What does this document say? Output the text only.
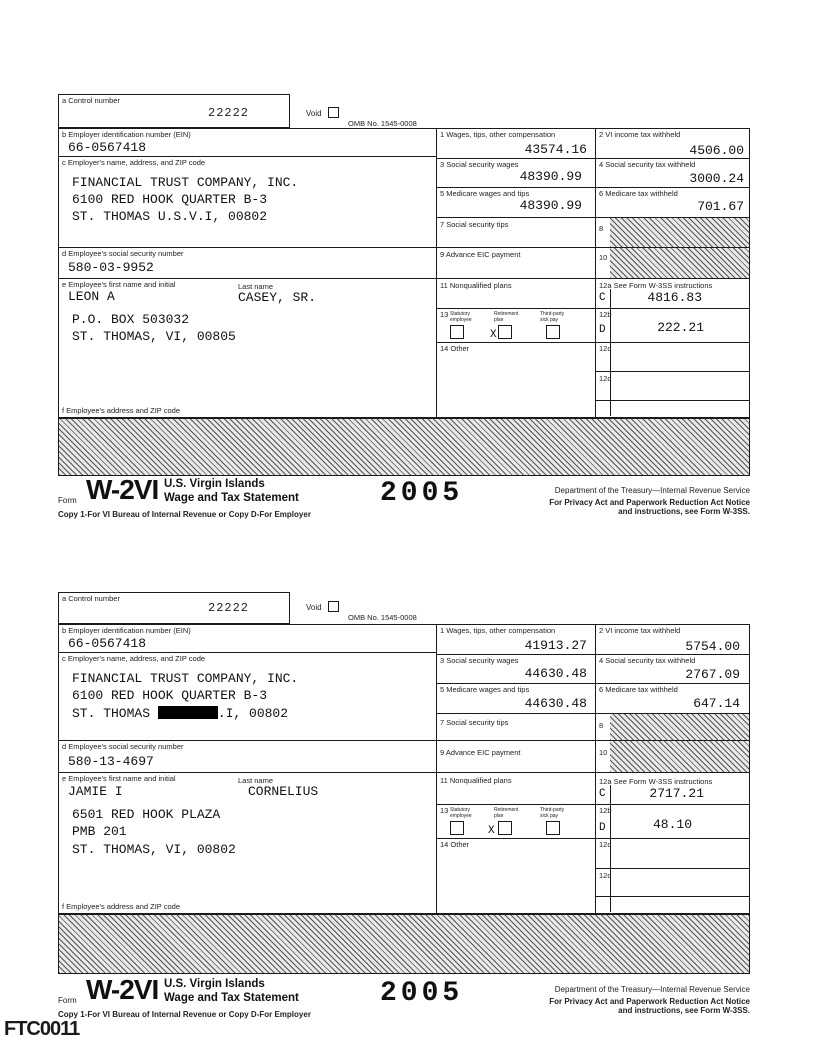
a Control number
22222	Void
OMB No. 1545-0008
b Employer identification number (EIN)
66-0567418
c Employer's name, address, and ZIP code
FINANCIAL TRUST COMPANY, INC.
6100 RED HOOK QUARTER B-3
ST. THOMAS U.S.V.I, 00802
d Employee's social security number
580-03-9952
e Employee's first name and initial	Last name
LEON A	CASEY, SR.
P.O. BOX 503032
ST. THOMAS, VI, 00805
f Employee's address and ZIP code
1 Wages, tips, other compensation
43574.16
3 Social security wages
48390.99
5 Medicare wages and tips
48390.99
7 Social security tips
9 Advance EIC payment
11 Nonqualified plans
13 Statutory employee
Retirement plan
Third-party sick pay
X
14 Other
2 VI income tax withheld
4506.00
4 Social security tax withheld
3000.24
6 Medicare tax withheld
701.67
8
10
12a See Form W-3SS instructions
C	4816.83
12b
D	222.21
12c
12d
Form W-2VI U.S. Virgin Islands
Wage and Tax Statement	2005	Department of the Treasury—Internal Revenue Service
For Privacy Act and Paperwork Reduction Act Notice
and instructions, see Form W-3SS.
Copy 1-For VI Bureau of Internal Revenue or Copy D-For Employer
a Control number
22222	Void
OMB No. 1545-0008
b Employer identification number (EIN)
66-0567418
c Employer's name, address, and ZIP code
FINANCIAL TRUST COMPANY, INC.
6100 RED HOOK QUARTER B-3
ST. THOMAS	.I, 00802
d Employee's social security number
580-13-4697
e Employee's first name and initial	Last name
JAMIE I	CORNELIUS
6501 RED HOOK PLAZA
PMB 201
ST. THOMAS, VI, 00802
f Employee's address and ZIP code
1 Wages, tips, other compensation
41913.27
3 Social security wages
44630.48
5 Medicare wages and tips
44630.48
7 Social security tips
9 Advance EIC payment
11 Nonqualified plans
13 Statutory employee
Retirement plan
Third-party sick pay
X
14 Other
2 VI income tax withheld
5754.00
4 Social security tax withheld
2767.09
6 Medicare tax withheld
647.14
8
10
12a See Form W-3SS instructions
C	2717.21
12b
D	48.10
12c
12d
Form W-2VI U.S. Virgin Islands
Wage and Tax Statement	2005	Department of the Treasury—Internal Revenue Service
For Privacy Act and Paperwork Reduction Act Notice
and instructions, see Form W-3SS.
Copy 1-For VI Bureau of Internal Revenue or Copy D-For Employer
FTC0011
